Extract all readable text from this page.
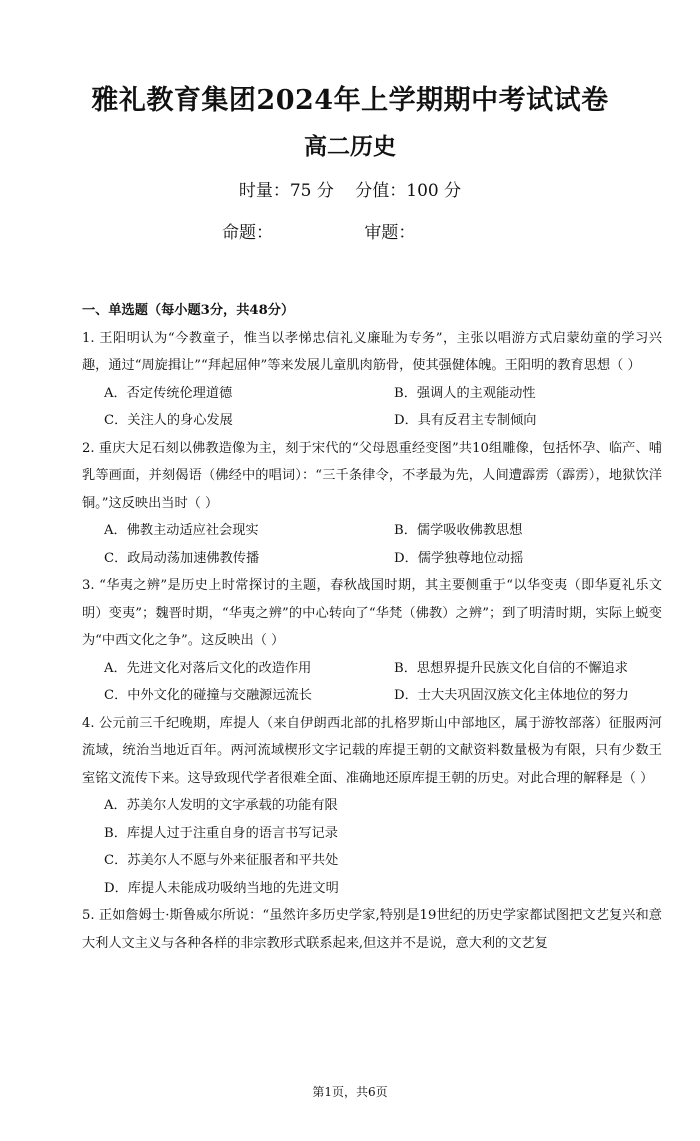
雅礼教育集团2024年上学期期中考试试卷
高二历史
时量：75 分 分值：100 分
命题：	审题：
一、单选题（每小题3分，共48分）

1. 王阳明认为“今教童子，惟当以孝悌忠信礼义廉耻为专务”，主张以唱游方式启蒙幼童的学习兴趣，通过“周旋揖让”“拜起屈伸”等来发展儿童肌肉筋骨，使其强健体魄。王阳明的教育思想（ ）

A．否定传统伦理道德	B．强调人的主观能动性
C．关注人的身心发展	D．具有反君主专制倾向

2. 重庆大足石刻以佛教造像为主，刻于宋代的“父母恩重经变图”共10组雕像，包括怀孕、临产、哺乳等画面，并刻偈语（佛经中的唱词）：“三千条律令，不孝最为先，人间遭霹雳（霹雳），地狱饮洋铜。”这反映出当时（ ）

A．佛教主动适应社会现实	B．儒学吸收佛教思想
C．政局动荡加速佛教传播	D．儒学独尊地位动摇

3. “华夷之辨”是历史上时常探讨的主题，春秋战国时期，其主要侧重于“以华变夷（即华夏礼乐文明）变夷”；魏晋时期，“华夷之辨”的中心转向了“华梵（佛教）之辨”；到了明清时期，实际上蜕变为“中西文化之争”。这反映出（ ）

A．先进文化对落后文化的改造作用	B．思想界提升民族文化自信的不懈追求
C．中外文化的碰撞与交融源远流长	D．士大夫巩固汉族文化主体地位的努力

4. 公元前三千纪晚期，库提人（来自伊朗西北部的扎格罗斯山中部地区，属于游牧部落）征服两河流域，统治当地近百年。两河流域楔形文字记载的库提王朝的文献资料数量极为有限，只有少数王室铭文流传下来。这导致现代学者很难全面、准确地还原库提王朝的历史。对此合理的解释是（ ）

A．苏美尔人发明的文字承载的功能有限
B．库提人过于注重自身的语言书写记录
C．苏美尔人不愿与外来征服者和平共处
D．库提人未能成功吸纳当地的先进文明

5. 正如詹姆士·斯鲁威尔所说：“虽然许多历史学家,特别是19世纪的历史学家都试图把文艺复兴和意大利人文主义与各种各样的非宗教形式联系起来,但这并不是说，意大利的文艺复

第1页，共6页
